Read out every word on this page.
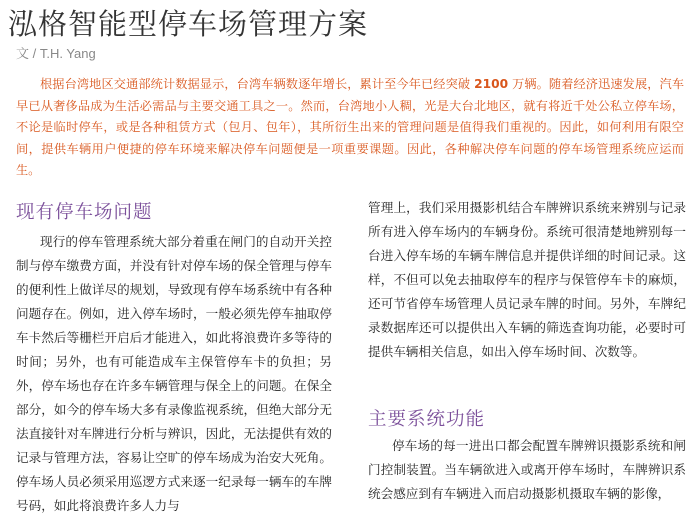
泓格智能型停车场管理方案
文 / T.H. Yang

根据台湾地区交通部统计数据显示，台湾车辆数逐年增长，累计至今年已经突破 2100 万辆。随着经济迅速发展，汽车早已从奢侈品成为生活必需品与主要交通工具之一。然而，台湾地小人稠，光是大台北地区，就有将近千处公私立停车场，不论是临时停车，或是各种租赁方式（包月、包年），其所衍生出来的管理问题是值得我们重视的。因此，如何利用有限空间，提供车辆用户便捷的停车环境来解决停车问题便是一项重要课题。因此，各种解决停车问题的停车场管理系统应运而生。

现有停车场问题

现行的停车管理系统大部分着重在闸门的自动开关控制与停车缴费方面，并没有针对停车场的保全管理与停车的便利性上做详尽的规划，导致现有停车场系统中有各种问题存在。例如，进入停车场时，一般必须先停车抽取停车卡然后等栅栏开启后才能进入，如此将浪费许多等待的时间；另外，也有可能造成车主保管停车卡的负担；另外，停车场也存在许多车辆管理与保全上的问题。在保全部分，如今的停车场大多有录像监视系统，但绝大部分无法直接针对车牌进行分析与辨识，因此，无法提供有效的记录与管理方法，容易让空旷的停车场成为治安大死角。停车场人员必须采用巡逻方式来逐一纪录每一辆车的车牌号码，如此将浪费许多人力与

管理上，我们采用摄影机结合车牌辨识系统来辨别与记录所有进入停车场内的车辆身份。系统可很清楚地辨别每一台进入停车场的车辆车牌信息并提供详细的时间记录。这样，不但可以免去抽取停车的程序与保管停车卡的麻烦，还可节省停车场管理人员记录车牌的时间。另外，车牌纪录数据库还可以提供出入车辆的筛选查询功能，必要时可提供车辆相关信息，如出入停车场时间、次数等。

主要系统功能

停车场的每一进出口都会配置车牌辨识摄影系统和闸门控制装置。当车辆欲进入或离开停车场时，车牌辨识系统会感应到有车辆进入而启动摄影机摄取车辆的影像，
